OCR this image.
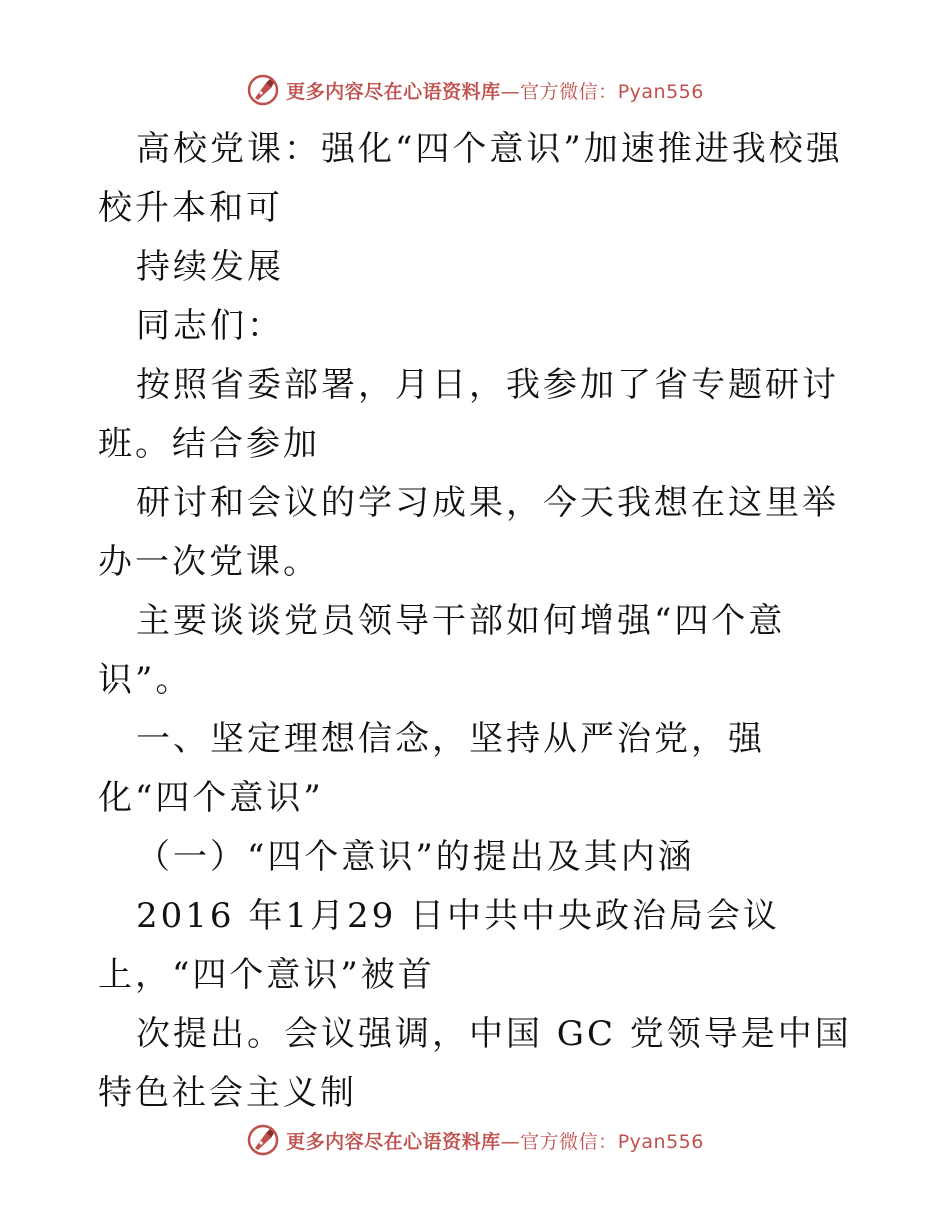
更多内容尽在心语资料库—官方微信：Pyan556

高校党课：强化“四个意识”加速推进我校强校升本和可

持续发展

同志们：

按照省委部署，月日，我参加了省专题研讨班。结合参加

研讨和会议的学习成果，今天我想在这里举办一次党课。

主要谈谈党员领导干部如何增强“四个意识”。

一、坚定理想信念，坚持从严治党，强化“四个意识”

（一）“四个意识”的提出及其内涵

2016 年1月29 日中共中央政治局会议上，“四个意识”被首

次提出。会议强调，中国 GC 党领导是中国特色社会主义制

更多内容尽在心语资料库—官方微信：Pyan556
